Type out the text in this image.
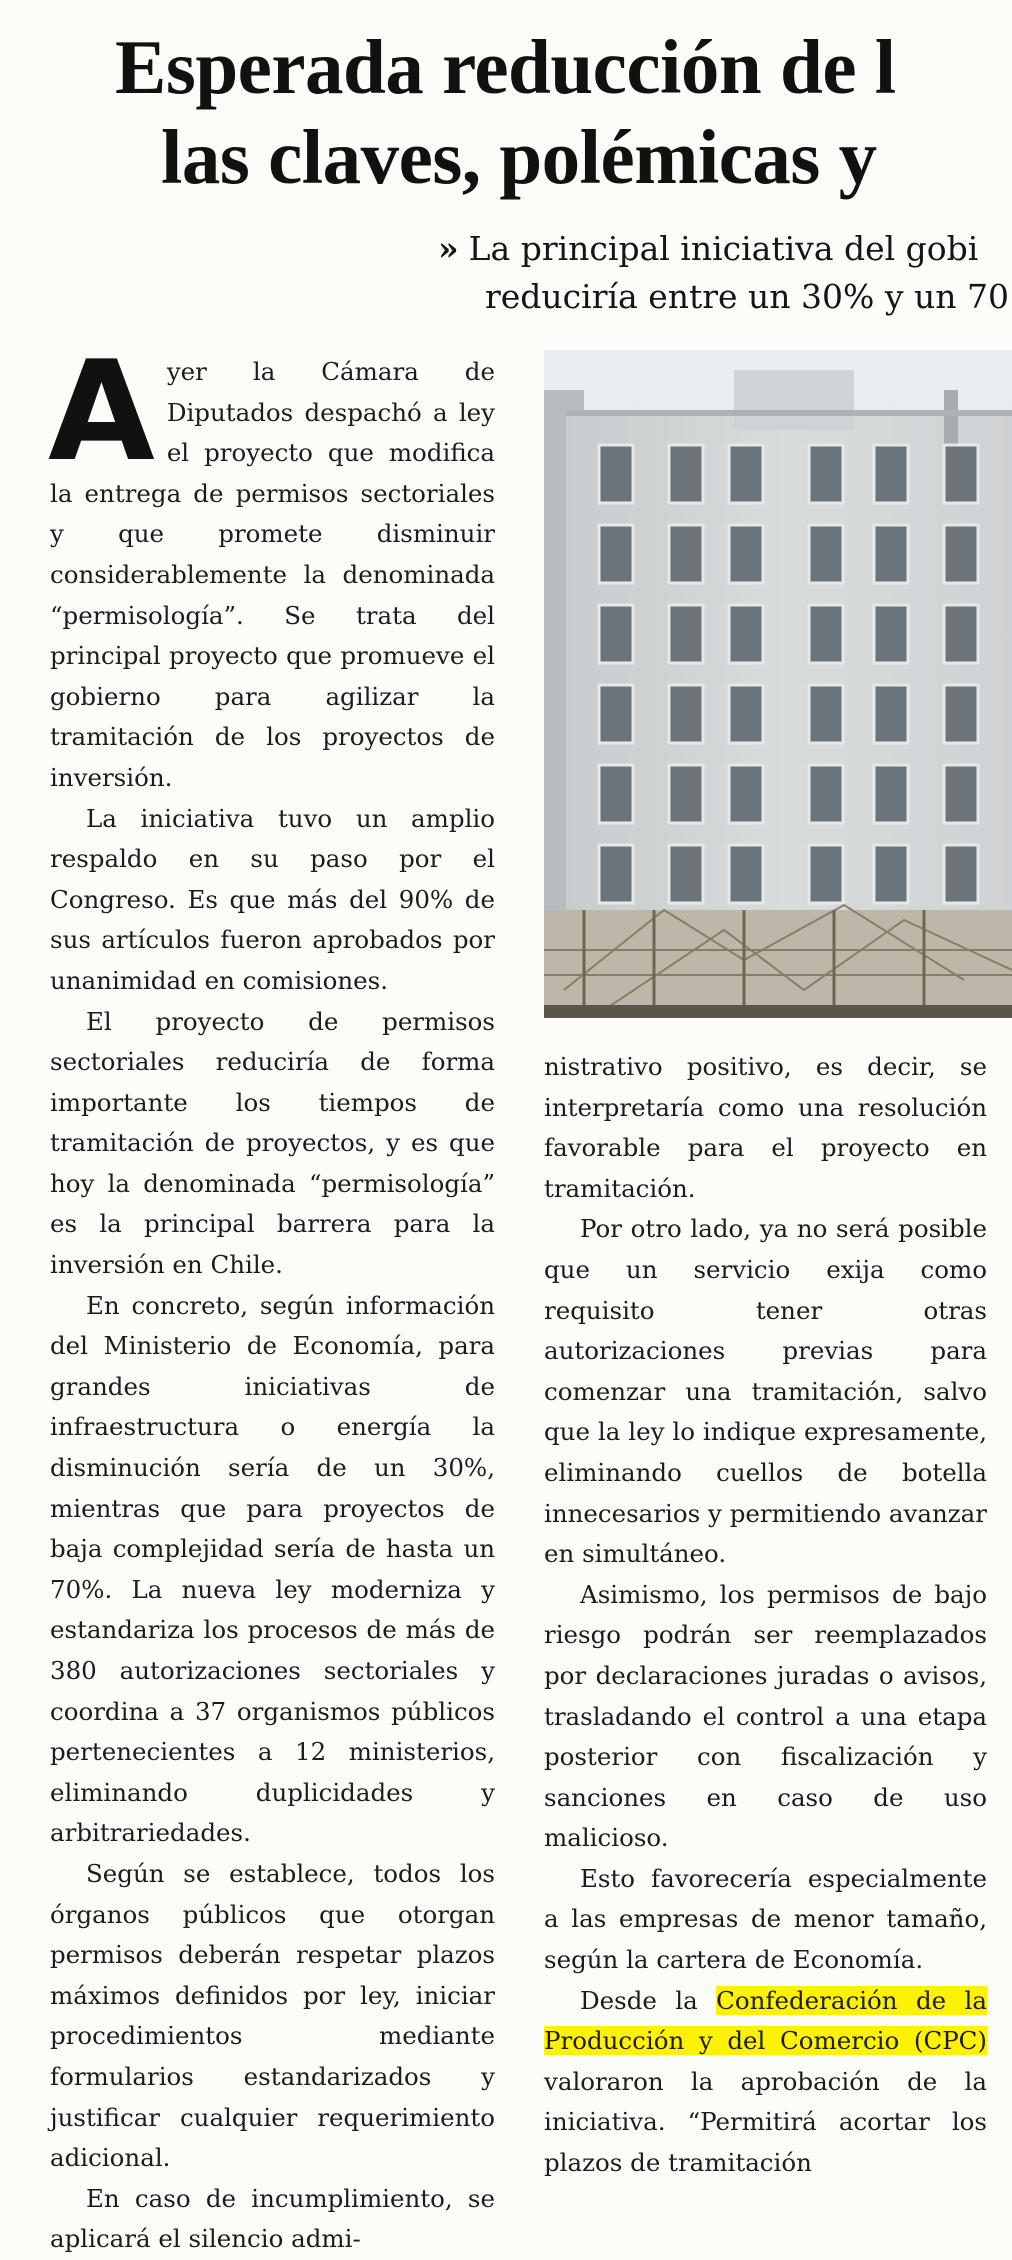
Esperada reducción de l
las claves, polémicas y
» La principal iniciativa del gobi
reduciría entre un 30% y un 70

Ayer la Cámara de Diputados despachó a ley el proyecto que modifica la entrega de permisos sectoriales y que promete disminuir considerablemente la denominada “permisología”. Se trata del principal proyecto que promueve el gobierno para agilizar la tramitación de los proyectos de inversión.

La iniciativa tuvo un amplio respaldo en su paso por el Congreso. Es que más del 90% de sus artículos fueron aprobados por unanimidad en comisiones.

El proyecto de permisos sectoriales reduciría de forma importante los tiempos de tramitación de proyectos, y es que hoy la denominada “permisología” es la principal barrera para la inversión en Chile.

En concreto, según información del Ministerio de Economía, para grandes iniciativas de infraestructura o energía la disminución sería de un 30%, mientras que para proyectos de baja complejidad sería de hasta un 70%. La nueva ley moderniza y estandariza los procesos de más de 380 autorizaciones sectoriales y coordina a 37 organismos públicos pertenecientes a 12 ministerios, eliminando duplicidades y arbitrariedades.

Según se establece, todos los órganos públicos que otorgan permisos deberán respetar plazos máximos definidos por ley, iniciar procedimientos mediante formularios estandarizados y justificar cualquier requerimiento adicional.

En caso de incumplimiento, se aplicará el silencio admi-

nistrativo positivo, es decir, se interpretaría como una resolución favorable para el proyecto en tramitación.

Por otro lado, ya no será posible que un servicio exija como requisito tener otras autorizaciones previas para comenzar una tramitación, salvo que la ley lo indique expresamente, eliminando cuellos de botella innecesarios y permitiendo avanzar en simultáneo.

Asimismo, los permisos de bajo riesgo podrán ser reemplazados por declaraciones juradas o avisos, trasladando el control a una etapa posterior con fiscalización y sanciones en caso de uso malicioso.

Esto favorecería especialmente a las empresas de menor tamaño, según la cartera de Economía.

Desde la Confederación de la Producción y del Comercio (CPC) valoraron la aprobación de la iniciativa. “Permitirá acortar los plazos de tramitación
